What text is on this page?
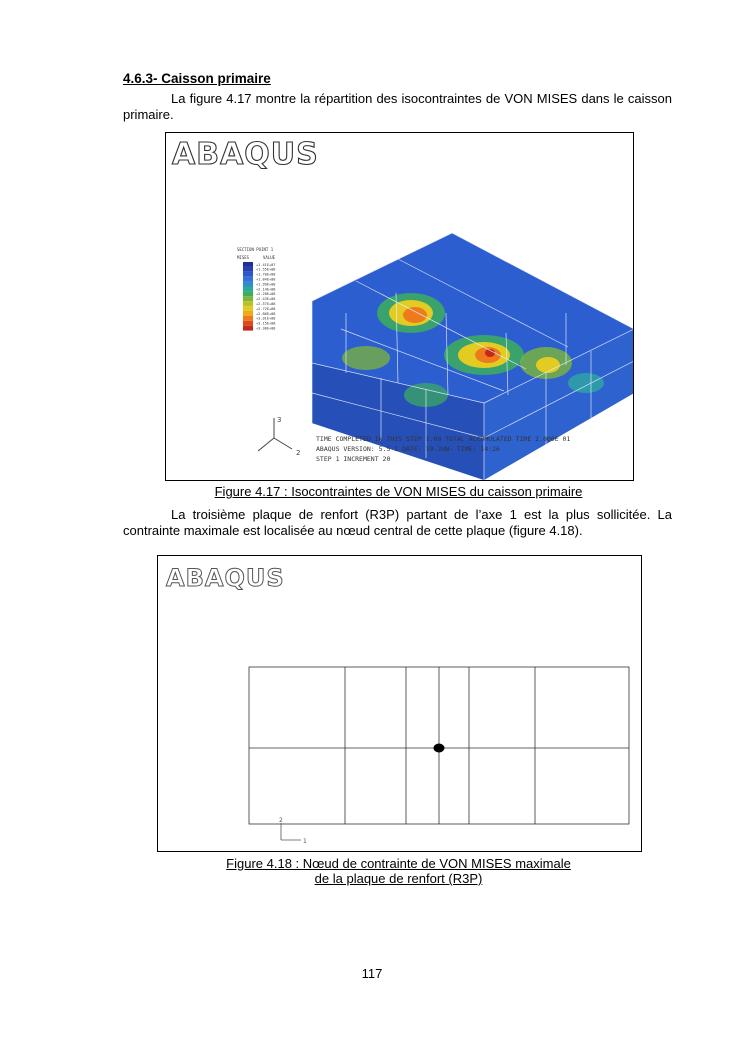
4.6.3- Caisson primaire
La figure 4.17 montre la répartition des isocontraintes de VON MISES dans le caisson primaire.
ABAQUS
3
2
TIME COMPLETED IN THIS STEP 1.00 TOTAL ACCUMULATED TIME 2.000E 01
ABAQUS VERSION: 5.5-1 DATE: 19-JUN- TIME: 14:26
STEP 1 INCREMENT 20
SECTION POINT 1
MISES	VALUE
+1.41E+07
+1.55E+08
+1.70E+08
+1.84E+08
+1.99E+08
+2.14E+08
+2.28E+08
+2.43E+08
+2.57E+08
+2.72E+08
+2.86E+08
+3.01E+08
+3.15E+08
+3.30E+08
Figure 4.17 : Isocontraintes de VON MISES du caisson primaire
La troisième plaque de renfort (R3P) partant de l’axe 1 est la plus sollicitée. La contrainte maximale est localisée au nœud central de cette plaque (figure 4.18).
ABAQUS
2
1
Figure 4.18 : Nœud de contrainte de VON MISES maximale
de la plaque de renfort (R3P)
117
